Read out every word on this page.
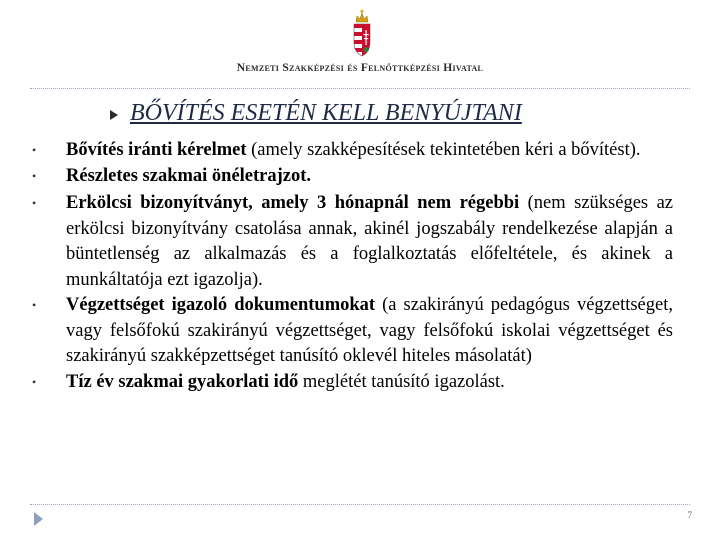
Nemzeti Szakképzési és Felnőttképzési Hivatal
BŐVÍTÉS ESETÉN KELL BENYÚJTANI
• Bővítés iránti kérelmet (amely szakképesítések tekintetében kéri a bővítést).
• Részletes szakmai önéletrajzot.
• Erkölcsi bizonyítványt, amely 3 hónapnál nem régebbi (nem szükséges az erkölcsi bizonyítvány csatolása annak, akinél jogszabály rendelkezése alapján a büntetlenség az alkalmazás és a foglalkoztatás előfeltétele, és akinek a munkáltatója ezt igazolja).
• Végzettséget igazoló dokumentumokat (a szakirányú pedagógus végzettséget, vagy felsőfokú szakirányú végzettséget, vagy felsőfokú iskolai végzettséget és szakirányú szakképzettséget tanúsító oklevél hiteles másolatát)
• Tíz év szakmai gyakorlati idő meglétét tanúsító igazolást.
7
